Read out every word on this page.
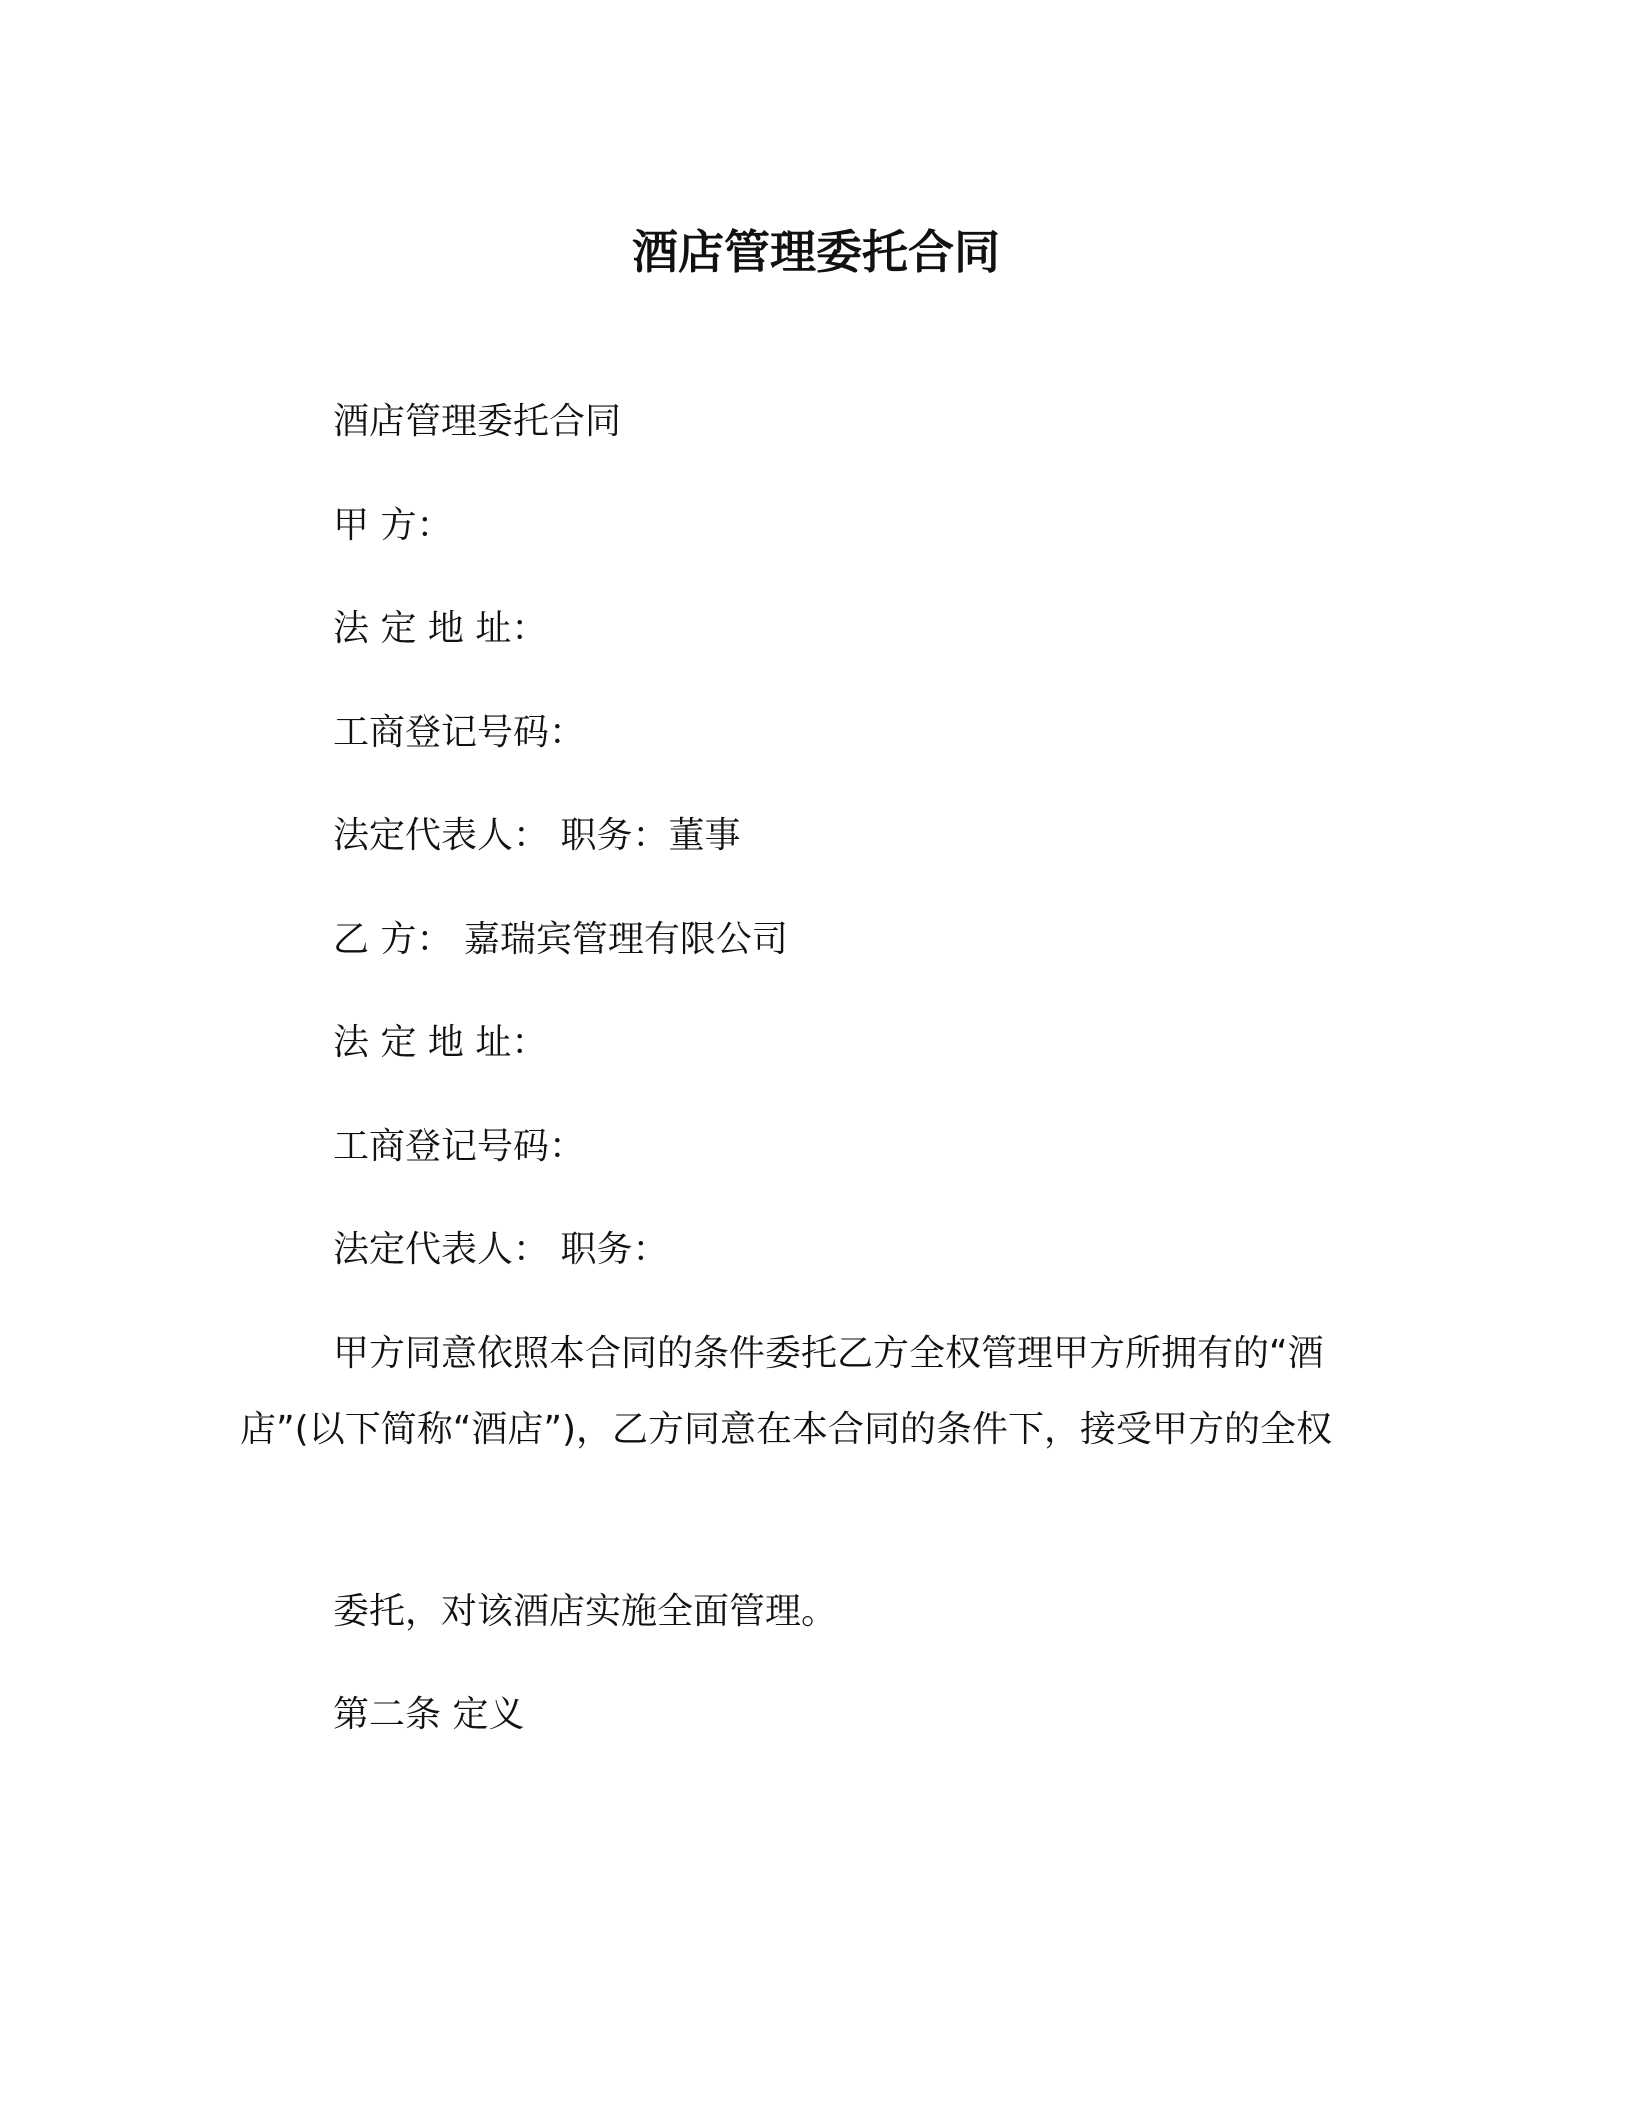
酒店管理委托合同
酒店管理委托合同
甲 方：
法 定 地 址：
工商登记号码：
法定代表人： 职务：董事
乙 方： 嘉瑞宾管理有限公司
法 定 地 址：
工商登记号码：
法定代表人： 职务：
甲方同意依照本合同的条件委托乙方全权管理甲方所拥有的“酒店”(以下简称“酒店”)，乙方同意在本合同的条件下，接受甲方的全权
委托，对该酒店实施全面管理。
第二条 定义
